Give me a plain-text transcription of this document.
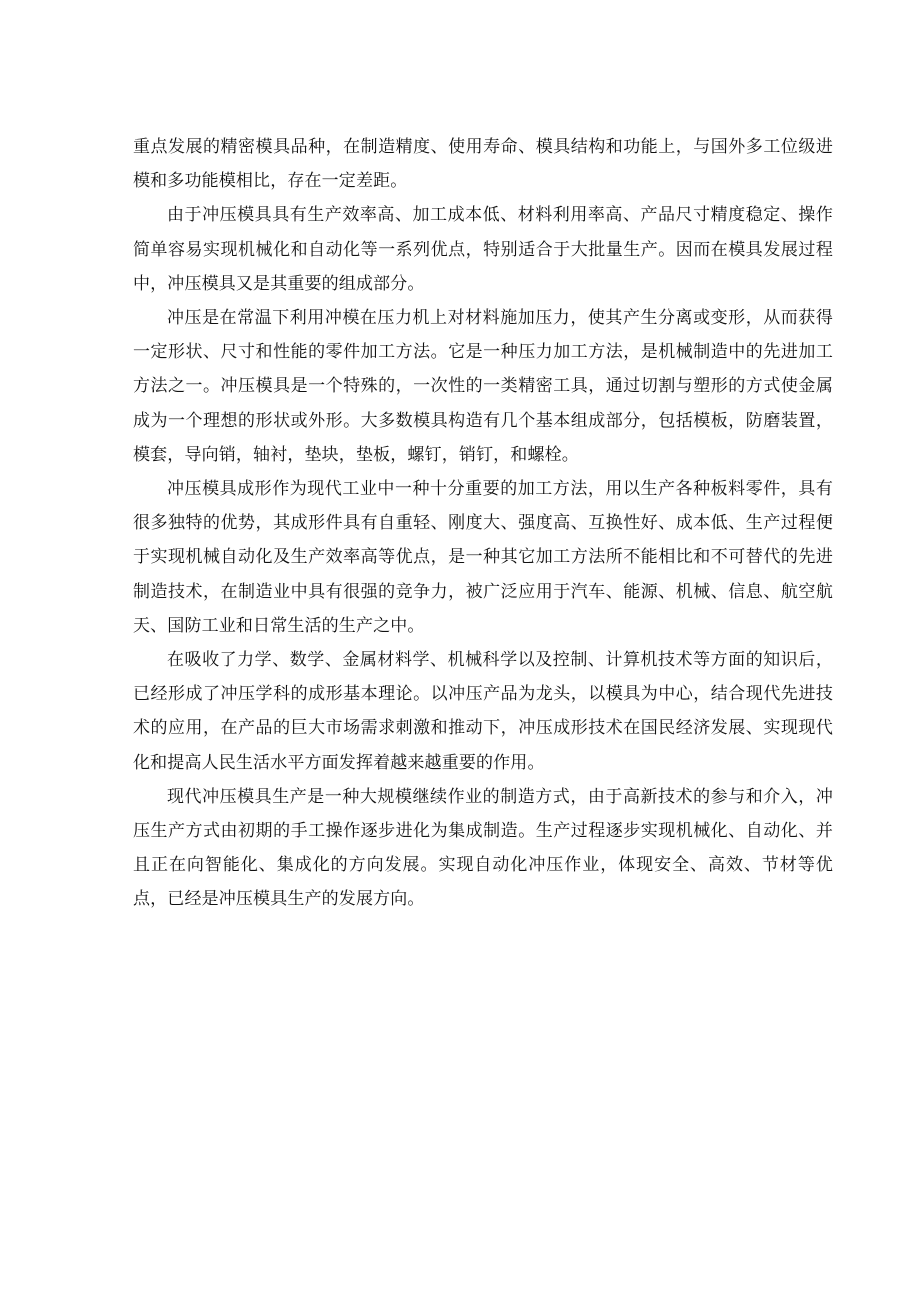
重点发展的精密模具品种，在制造精度、使用寿命、模具结构和功能上，与国外多工位级进模和多功能模相比，存在一定差距。

由于冲压模具具有生产效率高、加工成本低、材料利用率高、产品尺寸精度稳定、操作简单容易实现机械化和自动化等一系列优点，特别适合于大批量生产。因而在模具发展过程中，冲压模具又是其重要的组成部分。

冲压是在常温下利用冲模在压力机上对材料施加压力，使其产生分离或变形，从而获得一定形状、尺寸和性能的零件加工方法。它是一种压力加工方法，是机械制造中的先进加工方法之一。冲压模具是一个特殊的，一次性的一类精密工具，通过切割与塑形的方式使金属成为一个理想的形状或外形。大多数模具构造有几个基本组成部分，包括模板，防磨装置，模套，导向销，轴衬，垫块，垫板，螺钉，销钉，和螺栓。

冲压模具成形作为现代工业中一种十分重要的加工方法，用以生产各种板料零件，具有很多独特的优势，其成形件具有自重轻、刚度大、强度高、互换性好、成本低、生产过程便于实现机械自动化及生产效率高等优点，是一种其它加工方法所不能相比和不可替代的先进制造技术，在制造业中具有很强的竞争力，被广泛应用于汽车、能源、机械、信息、航空航天、国防工业和日常生活的生产之中。

在吸收了力学、数学、金属材料学、机械科学以及控制、计算机技术等方面的知识后，已经形成了冲压学科的成形基本理论。以冲压产品为龙头，以模具为中心，结合现代先进技术的应用，在产品的巨大市场需求刺激和推动下，冲压成形技术在国民经济发展、实现现代化和提高人民生活水平方面发挥着越来越重要的作用。

现代冲压模具生产是一种大规模继续作业的制造方式，由于高新技术的参与和介入，冲压生产方式由初期的手工操作逐步进化为集成制造。生产过程逐步实现机械化、自动化、并且正在向智能化、集成化的方向发展。实现自动化冲压作业，体现安全、高效、节材等优点，已经是冲压模具生产的发展方向。
